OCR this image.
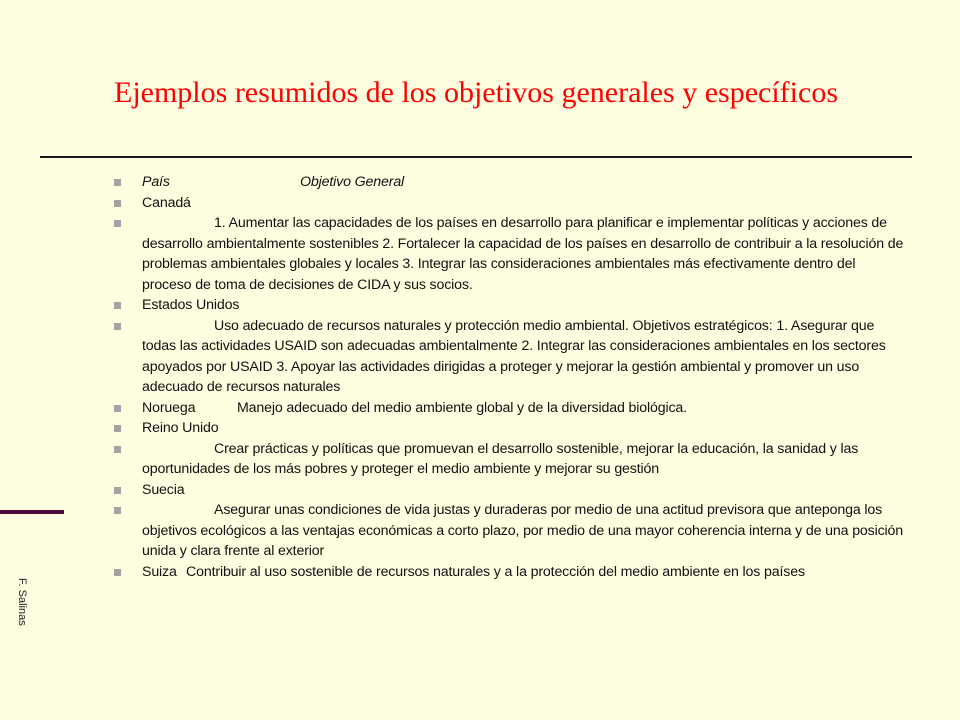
Ejemplos resumidos de los objetivos generales y específicos
País	Objetivo General
Canadá
1. Aumentar las capacidades de los países en desarrollo para planificar e implementar políticas y acciones de desarrollo ambientalmente sostenibles 2. Fortalecer la capacidad de los países en desarrollo de contribuir a la resolución de problemas ambientales globales y locales 3. Integrar las consideraciones ambientales más efectivamente dentro del proceso de toma de decisiones de CIDA y sus socios.
Estados Unidos
Uso adecuado de recursos naturales y protección medio ambiental. Objetivos estratégicos: 1. Asegurar que todas las actividades USAID son adecuadas ambientalmente 2. Integrar las consideraciones ambientales en los sectores apoyados por USAID 3. Apoyar las actividades dirigidas a proteger y mejorar la gestión ambiental y promover un uso adecuado de recursos naturales
Noruega	Manejo adecuado del medio ambiente global y de la diversidad biológica.
Reino Unido
Crear prácticas y políticas que promuevan el desarrollo sostenible, mejorar la educación, la sanidad y las oportunidades de los más pobres y proteger el medio ambiente y mejorar su gestión
Suecia
Asegurar unas condiciones de vida justas y duraderas por medio de una actitud previsora que anteponga los objetivos ecológicos a las ventajas económicas a corto plazo, por medio de una mayor coherencia interna y de una posición unida y clara frente al exterior
Suiza Contribuir al uso sostenible de recursos naturales y a la protección del medio ambiente en los países
F. Salinas
